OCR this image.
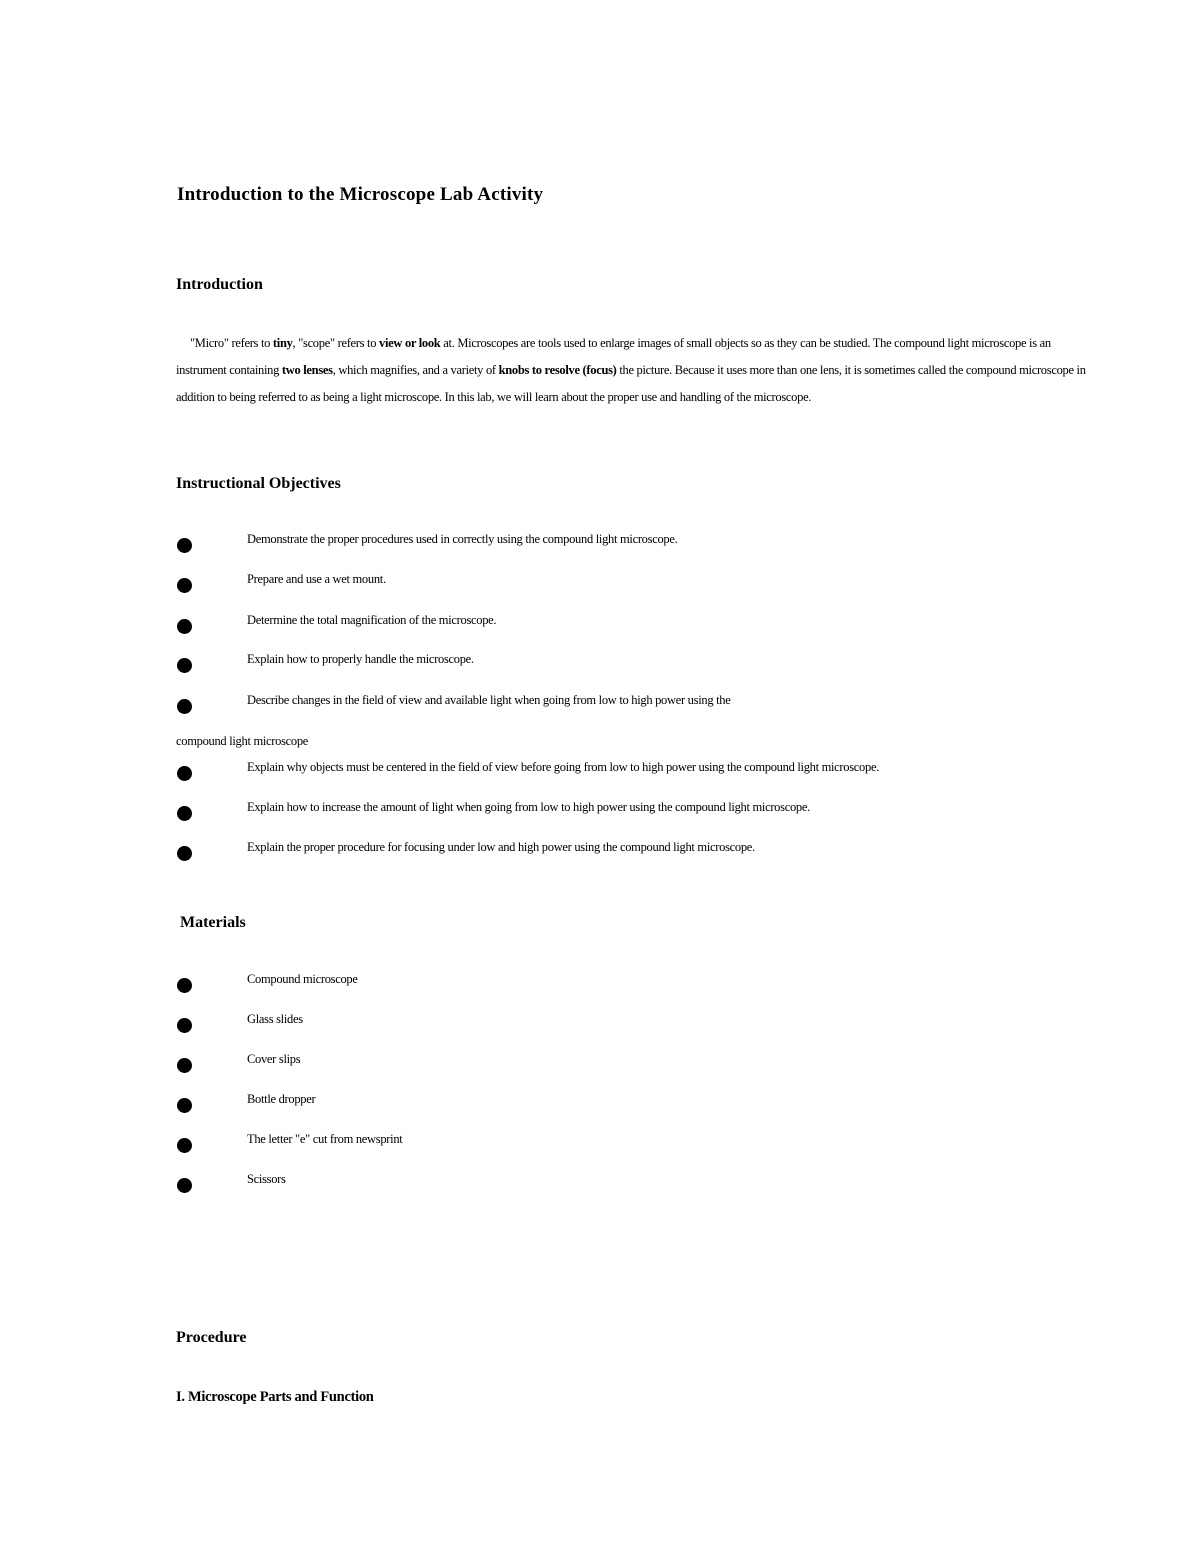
Introduction to the Microscope Lab Activity
Introduction
"Micro" refers to tiny, "scope" refers to view or look at. Microscopes are tools used to enlarge images of small objects so as they can be studied. The compound light microscope is an instrument containing two lenses, which magnifies, and a variety of knobs to resolve (focus) the picture. Because it uses more than one lens, it is sometimes called the compound microscope in addition to being referred to as being a light microscope. In this lab, we will learn about the proper use and handling of the microscope.
Instructional Objectives
Demonstrate the proper procedures used in correctly using the compound light microscope.
Prepare and use a wet mount.
Determine the total magnification of the microscope.
Explain how to properly handle the microscope.
Describe changes in the field of view and available light when going from low to high power using the
compound light microscope
Explain why objects must be centered in the field of view before going from low to high power using the compound light microscope.
Explain how to increase the amount of light when going from low to high power using the compound light microscope.
Explain the proper procedure for focusing under low and high power using the compound light microscope.
Materials
Compound microscope
Glass slides
Cover slips
Bottle dropper
The letter "e" cut from newsprint
Scissors
Procedure
I. Microscope Parts and Function
